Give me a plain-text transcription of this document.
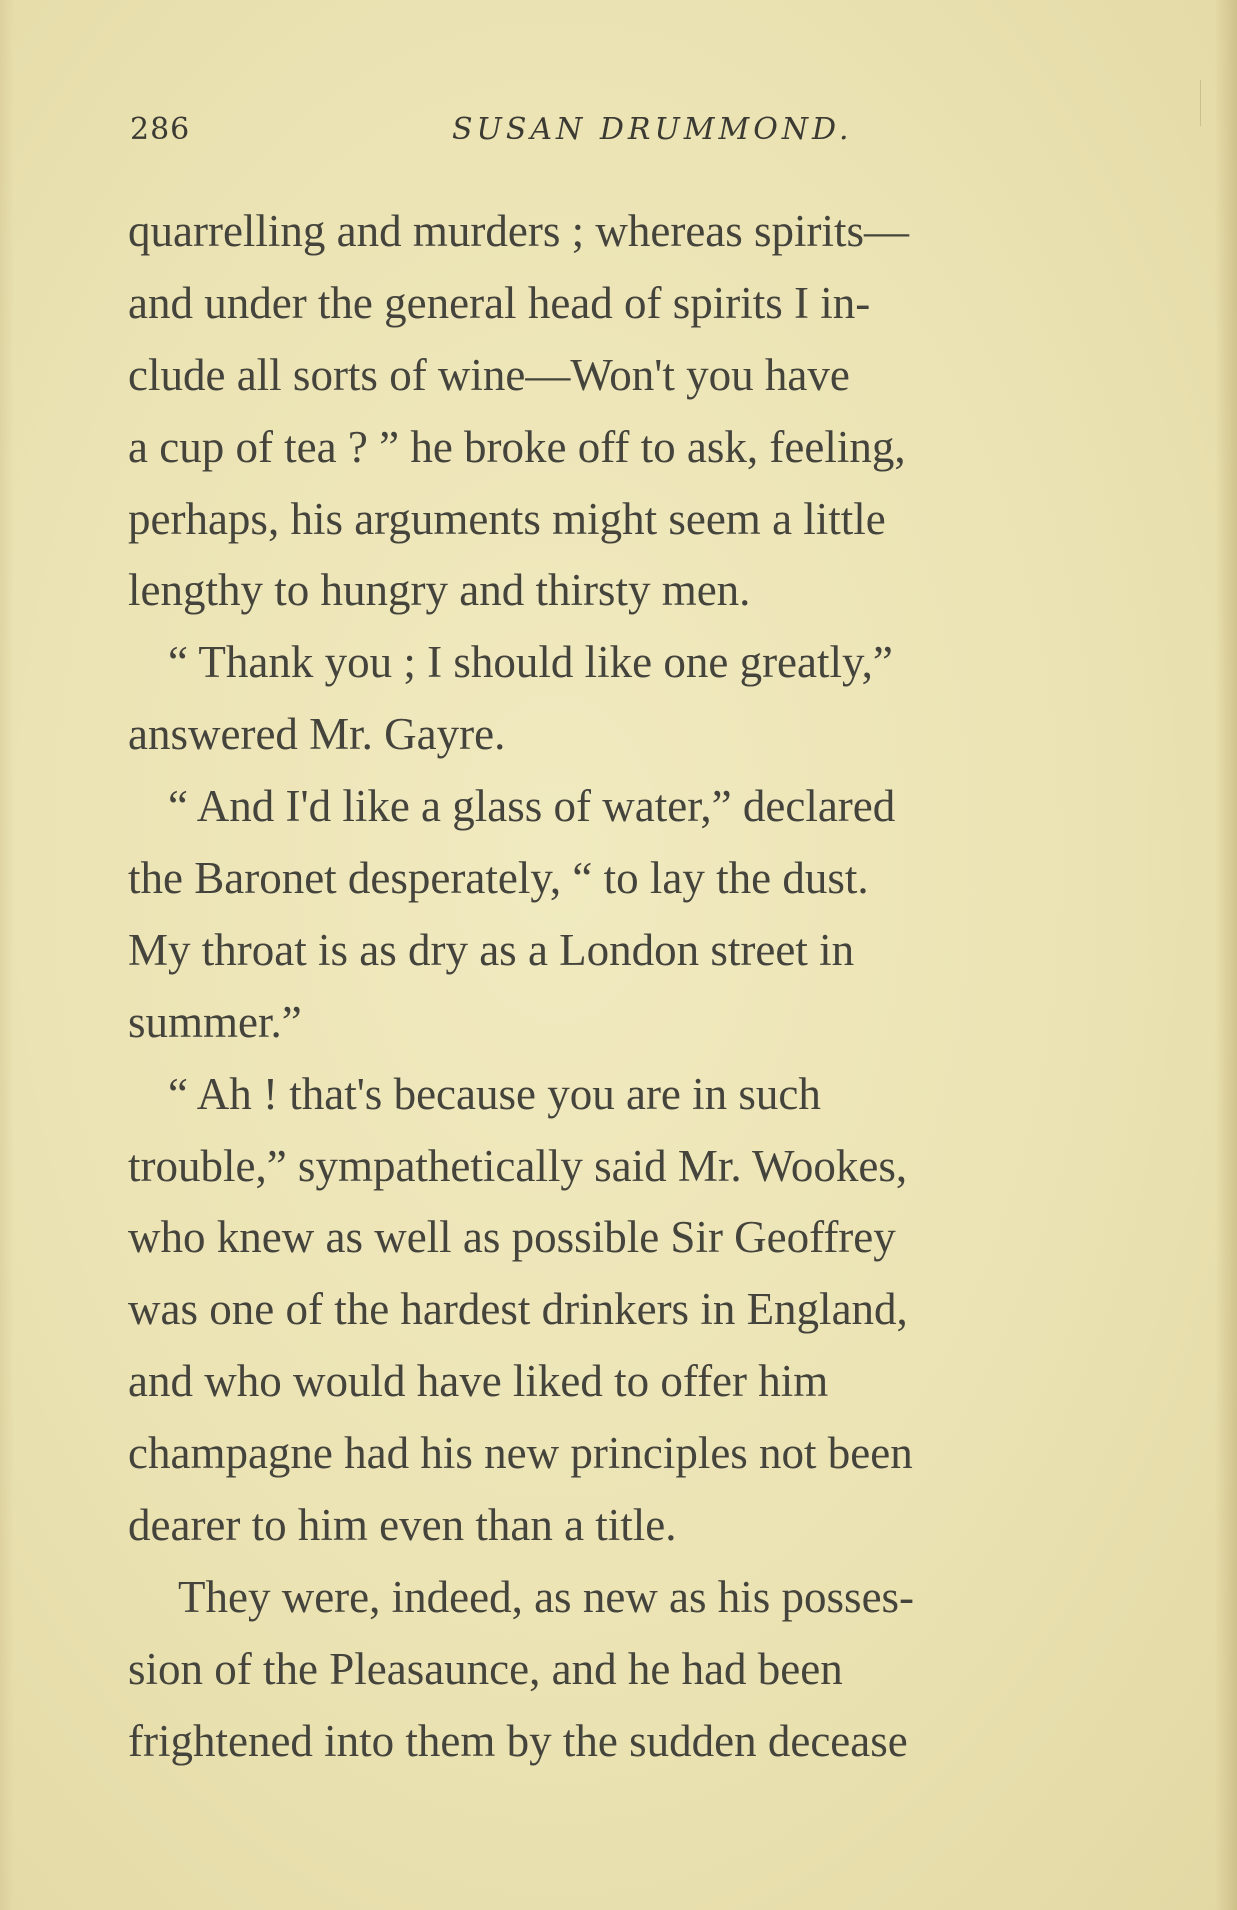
286	SUSAN DRUMMOND.
quarrelling and murders ; whereas spirits—
and under the general head of spirits I in-
clude all sorts of wine—Won't you have
a cup of tea ? ” he broke off to ask, feeling,
perhaps, his arguments might seem a little
lengthy to hungry and thirsty men.
“ Thank you ; I should like one greatly,”
answered Mr. Gayre.
“ And I'd like a glass of water,” declared
the Baronet desperately, “ to lay the dust.
My throat is as dry as a London street in
summer.”
“ Ah ! that's because you are in such
trouble,” sympathetically said Mr. Wookes,
who knew as well as possible Sir Geoffrey
was one of the hardest drinkers in England,
and who would have liked to offer him
champagne had his new principles not been
dearer to him even than a title.
They were, indeed, as new as his posses-
sion of the Pleasaunce, and he had been
frightened into them by the sudden decease
